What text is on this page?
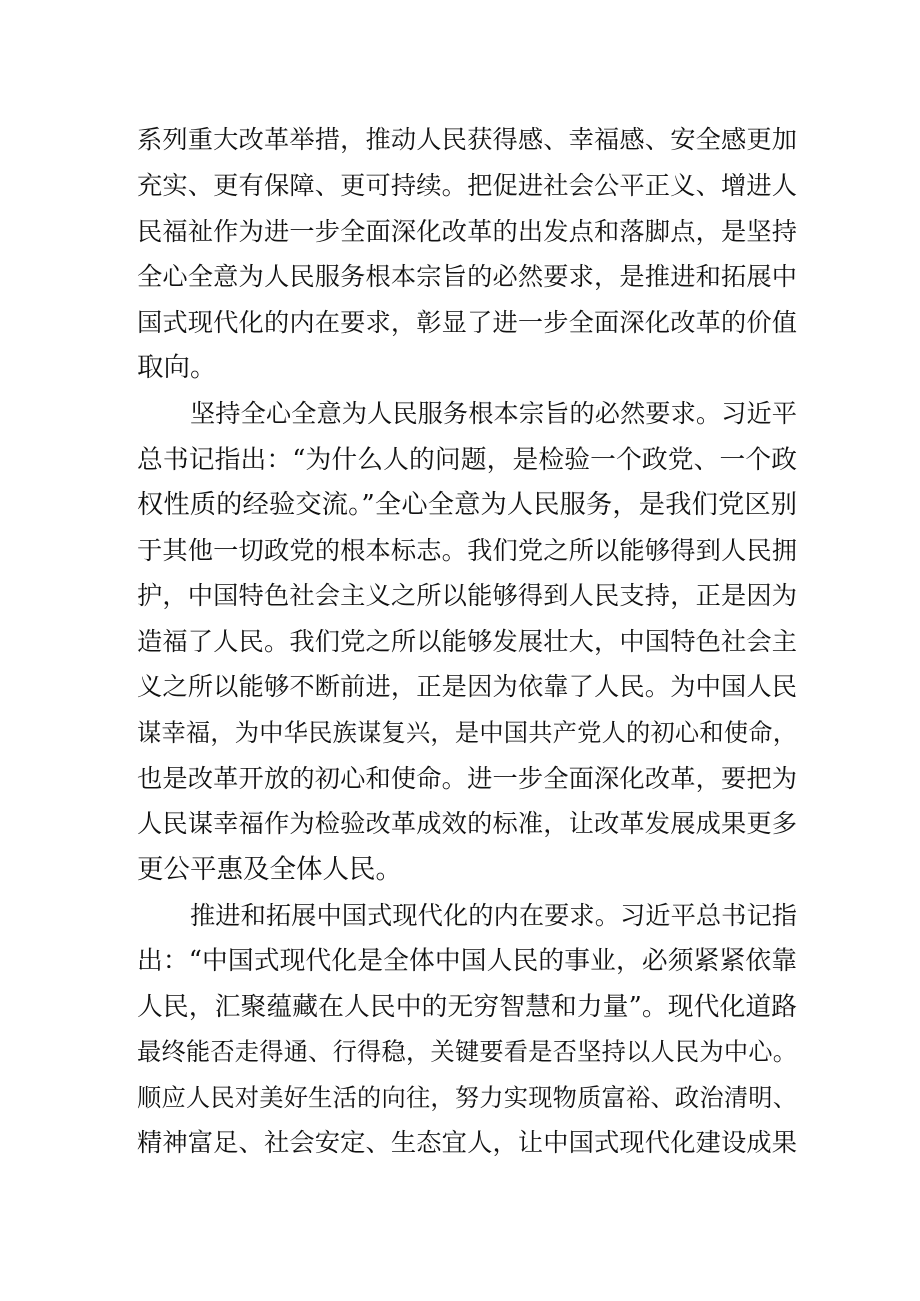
系列重大改革举措，推动人民获得感、幸福感、安全感更加
充实、更有保障、更可持续。把促进社会公平正义、增进人
民福祉作为进一步全面深化改革的出发点和落脚点，是坚持
全心全意为人民服务根本宗旨的必然要求，是推进和拓展中
国式现代化的内在要求，彰显了进一步全面深化改革的价值
取向。
坚持全心全意为人民服务根本宗旨的必然要求。习近平
总书记指出：“为什么人的问题，是检验一个政党、一个政
权性质的经验交流。”全心全意为人民服务，是我们党区别
于其他一切政党的根本标志。我们党之所以能够得到人民拥
护，中国特色社会主义之所以能够得到人民支持，正是因为
造福了人民。我们党之所以能够发展壮大，中国特色社会主
义之所以能够不断前进，正是因为依靠了人民。为中国人民
谋幸福，为中华民族谋复兴，是中国共产党人的初心和使命，
也是改革开放的初心和使命。进一步全面深化改革，要把为
人民谋幸福作为检验改革成效的标准，让改革发展成果更多
更公平惠及全体人民。
推进和拓展中国式现代化的内在要求。习近平总书记指
出：“中国式现代化是全体中国人民的事业，必须紧紧依靠
人民，汇聚蕴藏在人民中的无穷智慧和力量”。现代化道路
最终能否走得通、行得稳，关键要看是否坚持以人民为中心。
顺应人民对美好生活的向往，努力实现物质富裕、政治清明、
精神富足、社会安定、生态宜人，让中国式现代化建设成果
